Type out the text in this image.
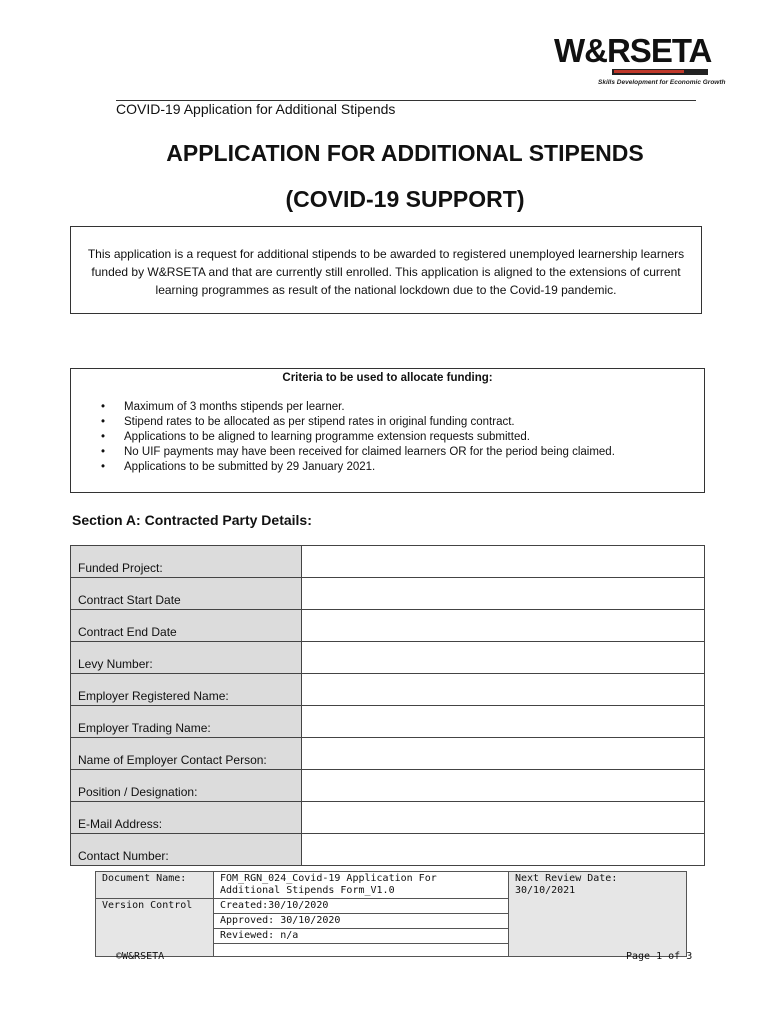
W&RSETA
Skills Development for Economic Growth
COVID-19 Application for Additional Stipends
APPLICATION FOR ADDITIONAL STIPENDS
(COVID-19 SUPPORT)
This application is a request for additional stipends to be awarded to registered unemployed learnership learners funded by W&RSETA and that are currently still enrolled. This application is aligned to the extensions of current learning programmes as result of the national lockdown due to the Covid-19 pandemic.
Criteria to be used to allocate funding:
• Maximum of 3 months stipends per learner.
• Stipend rates to be allocated as per stipend rates in original funding contract.
• Applications to be aligned to learning programme extension requests submitted.
• No UIF payments may have been received for claimed learners OR for the period being claimed.
• Applications to be submitted by 29 January 2021.
Section A: Contracted Party Details:
Funded Project:	
Contract Start Date	
Contract End Date	
Levy Number:	
Employer Registered Name:	
Employer Trading Name:	
Name of Employer Contact Person:	
Position / Designation:	
E-Mail Address:	
Contact Number:	
Document Name:	FOM_RGN_024_Covid-19 Application For Additional Stipends Form_V1.0	Next Review Date: 30/10/2021
Version Control	Created:30/10/2020	
	Approved: 30/10/2020	
	Reviewed: n/a	

©W&RSETA	Page 1 of 3
